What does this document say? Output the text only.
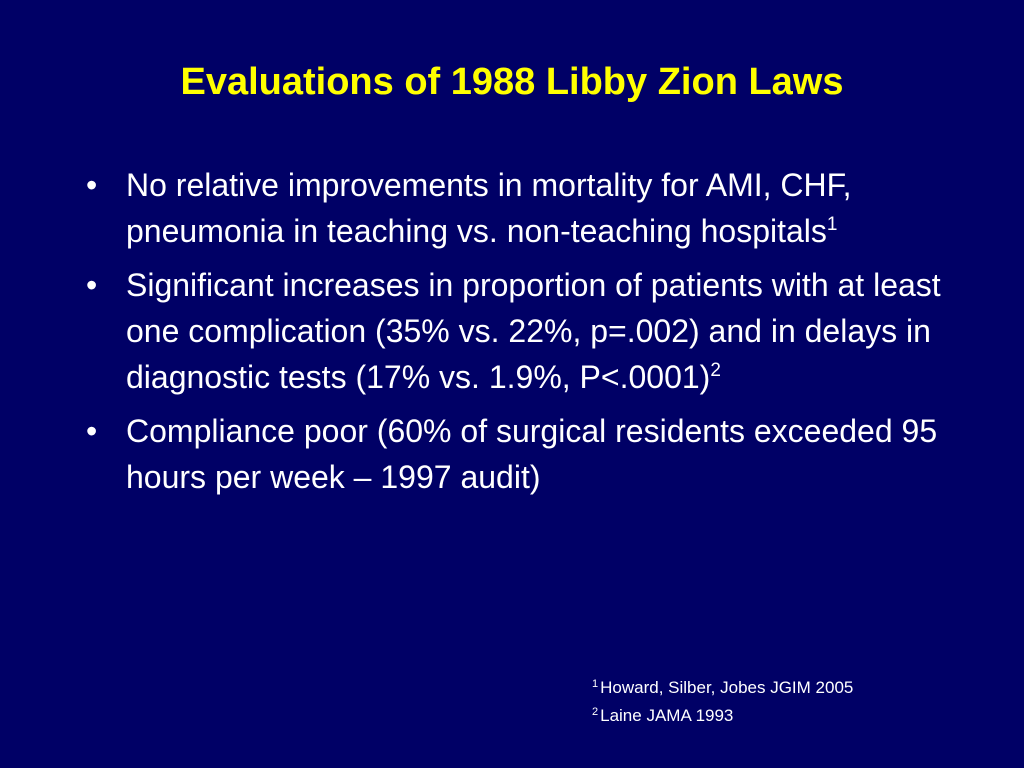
Evaluations of 1988 Libby Zion Laws
• No relative improvements in mortality for AMI, CHF, pneumonia in teaching vs. non-teaching hospitals$^1$
• Significant increases in proportion of patients with at least one complication (35% vs. 22%, p=.002) and in delays in diagnostic tests (17% vs. 1.9%, P<.0001)$^2$
• Compliance poor (60% of surgical residents exceeded 95 hours per week – 1997 audit)
$^1$ Howard, Silber, Jobes JGIM 2005
$^2$ Laine JAMA 1993
